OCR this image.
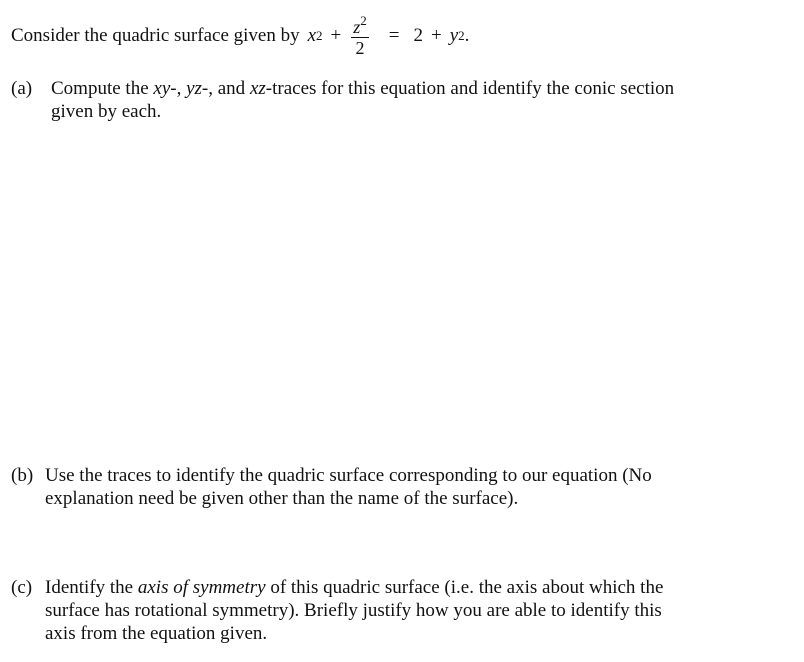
Consider the quadric surface given by x $2 + \frac{z^2}{2} = 2 + y$ 2 .
(a) Compute the xy-, yz-, and xz-traces for this equation and identify the conic section
given by each.
(b) Use the traces to identify the quadric surface corresponding to our equation (No
explanation need be given other than the name of the surface).
(c) Identify the axis of symmetry of this quadric surface (i.e. the axis about which the
surface has rotational symmetry). Briefly justify how you are able to identify this
axis from the equation given.
